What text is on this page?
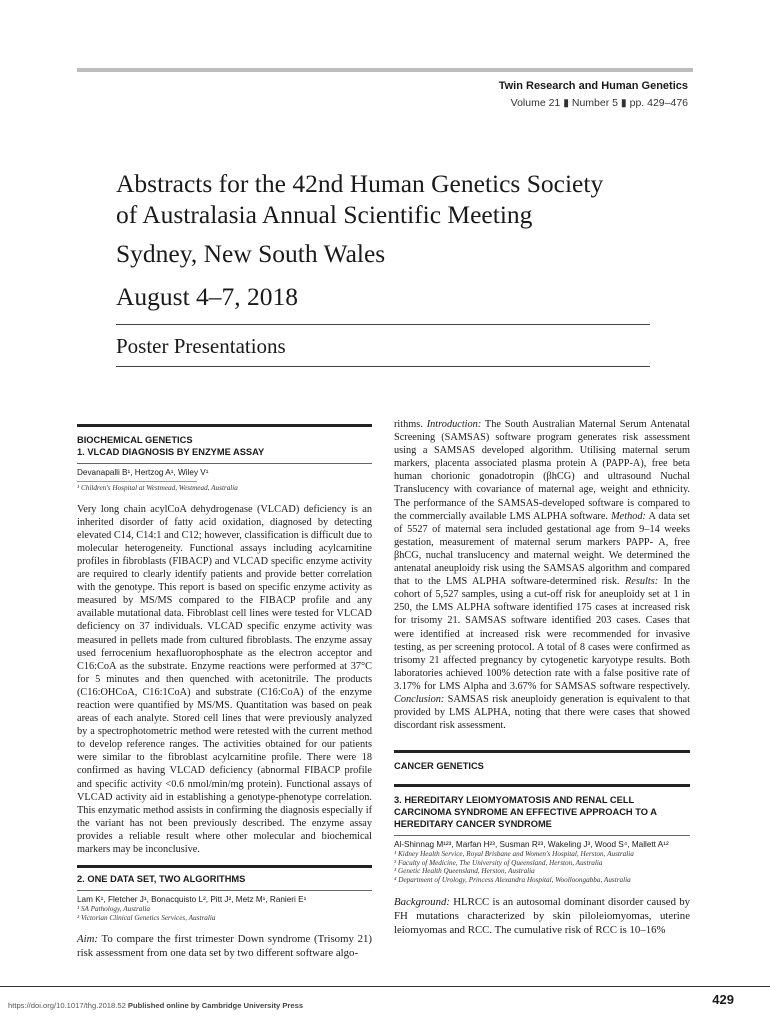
Twin Research and Human Genetics
Volume 21 ▮ Number 5 ▮ pp. 429–476
Abstracts for the 42nd Human Genetics Society
of Australasia Annual Scientific Meeting
Sydney, New South Wales
August 4–7, 2018
Poster Presentations
BIOCHEMICAL GENETICS
1. VLCAD DIAGNOSIS BY ENZYME ASSAY
Devanapalli B¹, Hertzog A¹, Wiley V¹
¹ Children's Hospital at Westmead, Westmead, Australia

Very long chain acylCoA dehydrogenase (VLCAD) deficiency is an inherited disorder of fatty acid oxidation, diagnosed by detecting elevated C14, C14:1 and C12; however, classification is difficult due to molecular heterogeneity. Functional assays including acylcarnitine profiles in fibroblasts (FIBACP) and VLCAD specific enzyme activity are required to clearly identify patients and provide better correlation with the genotype. This report is based on specific enzyme activity as measured by MS/MS compared to the FIBACP profile and any available mutational data. Fibroblast cell lines were tested for VLCAD deficiency on 37 individuals. VLCAD specific enzyme activity was measured in pellets made from cultured fibroblasts. The enzyme assay used ferrocenium hexafluorophosphate as the electron acceptor and C16:CoA as the substrate. Enzyme reactions were performed at 37°C for 5 minutes and then quenched with acetonitrile. The products (C16:OHCoA, C16:1CoA) and substrate (C16:CoA) of the enzyme reaction were quantified by MS/MS. Quantitation was based on peak areas of each analyte. Stored cell lines that were previously analyzed by a spectrophotometric method were retested with the current method to develop reference ranges. The activities obtained for our patients were similar to the fibroblast acylcarnitine profile. There were 18 confirmed as having VLCAD deficiency (abnormal FIBACP profile and specific activity <0.6 nmol/min/mg protein). Functional assays of VLCAD activity aid in establishing a genotype-phenotype correlation. This enzymatic method assists in confirming the diagnosis especially if the variant has not been previously described. The enzyme assay provides a reliable result where other molecular and biochemical markers may be inconclusive.

2. ONE DATA SET, TWO ALGORITHMS
Lam K¹, Fletcher J¹, Bonacquisto L², Pitt J², Metz M¹, Ranieri E¹
¹ SA Pathology, Australia
² Victorian Clinical Genetics Services, Australia

Aim: To compare the first trimester Down syndrome (Trisomy 21) risk assessment from one data set by two different software algo-

rithms. Introduction: The South Australian Maternal Serum Antenatal Screening (SAMSAS) software program generates risk assessment using a SAMSAS developed algorithm. Utilising maternal serum markers, placenta associated plasma protein A (PAPP-A), free beta human chorionic gonadotropin (βhCG) and ultrasound Nuchal Translucency with covariance of maternal age, weight and ethnicity. The performance of the SAMSAS-developed software is compared to the commercially available LMS ALPHA software. Method: A data set of 5527 of maternal sera included gestational age from 9–14 weeks gestation, measurement of maternal serum markers PAPP- A, free βhCG, nuchal translucency and maternal weight. We determined the antenatal aneuploidy risk using the SAMSAS algorithm and compared that to the LMS ALPHA software-determined risk. Results: In the cohort of 5,527 samples, using a cut-off risk for aneuploidy set at 1 in 250, the LMS ALPHA software identified 175 cases at increased risk for trisomy 21. SAMSAS software identified 203 cases. Cases that were identified at increased risk were recommended for invasive testing, as per screening protocol. A total of 8 cases were confirmed as trisomy 21 affected pregnancy by cytogenetic karyotype results. Both laboratories achieved 100% detection rate with a false positive rate of 3.17% for LMS Alpha and 3.67% for SAMSAS software respectively. Conclusion: SAMSAS risk aneuploidy generation is equivalent to that provided by LMS ALPHA, noting that there were cases that showed discordant risk assessment.

CANCER GENETICS
3. HEREDITARY LEIOMYOMATOSIS AND RENAL CELL CARCINOMA SYNDROME AN EFFECTIVE APPROACH TO A HEREDITARY CANCER SYNDROME
Al-Shinnag M¹²³, Marfan H²³, Susman R²³, Wakeling J³, Wood S⁴, Mallett A¹²
¹ Kidney Health Service, Royal Brisbane and Women's Hospital, Herston, Australia
² Faculty of Medicine, The University of Queensland, Herston, Australia
³ Genetic Health Queensland, Herston, Australia
⁴ Department of Urology, Princess Alexandra Hospital, Woolloongabba, Australia

Background: HLRCC is an autosomal dominant disorder caused by FH mutations characterized by skin piloleiomyomas, uterine leiomyomas and RCC. The cumulative risk of RCC is 10–16%

429
https://doi.org/10.1017/thg.2018.52 Published online by Cambridge University Press
